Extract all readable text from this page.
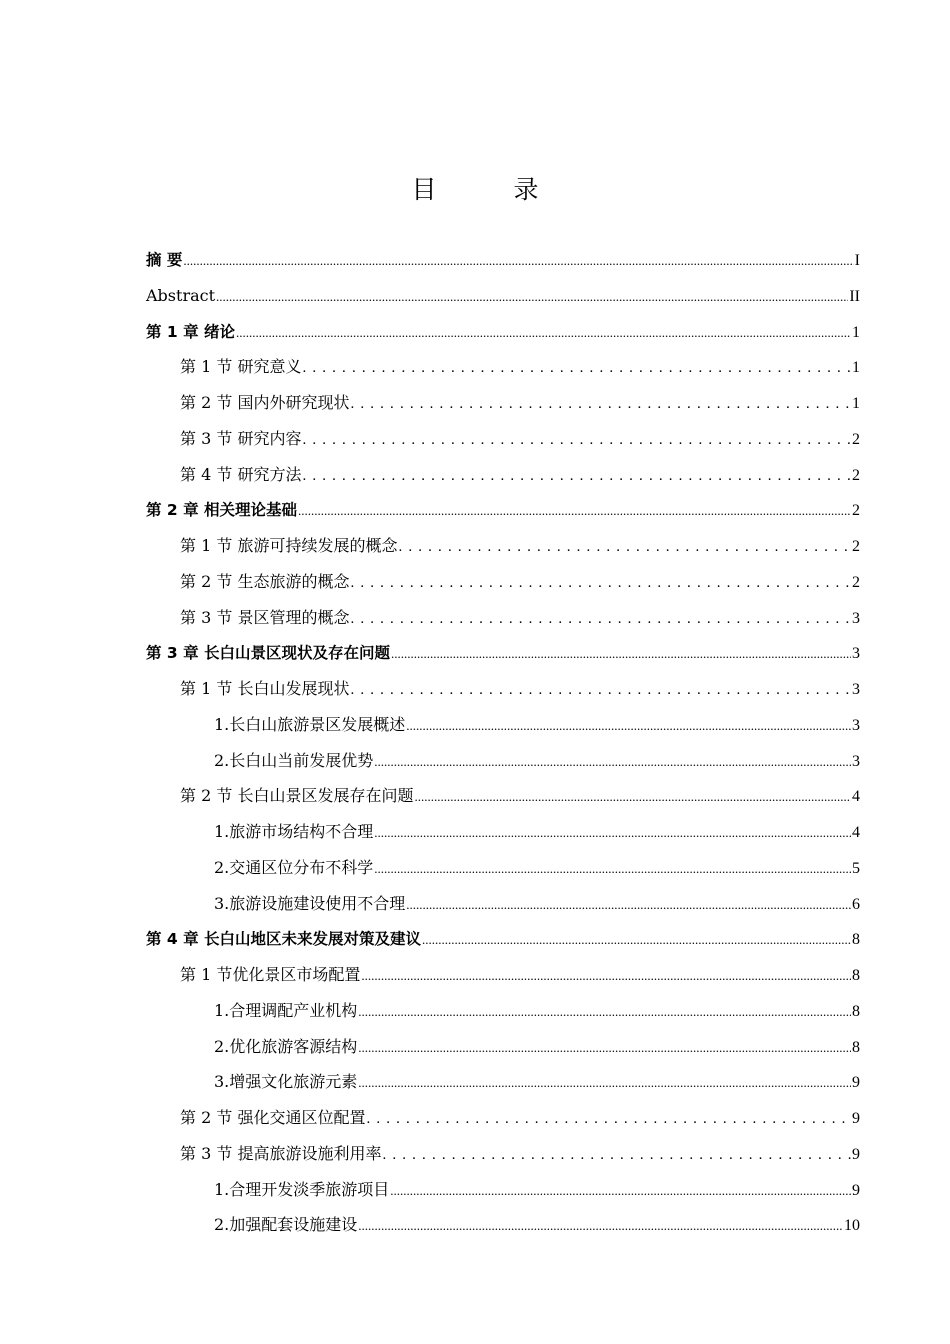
目　录
摘 要 .....	I
Abstract .....	II
第 1 章 绪论 .....	1
第 1 节 研究意义 . . .	1
第 2 节 国内外研究现状 . . .	1
第 3 节 研究内容 . . .	2
第 4 节 研究方法 . . .	2
第 2 章 相关理论基础 .....	2
第 1 节 旅游可持续发展的概念 . . .	2
第 2 节 生态旅游的概念 . . .	2
第 3 节 景区管理的概念 . . .	3
第 3 章 长白山景区现状及存在问题 .....	3
第 1 节 长白山发展现状 . . .	3
1.长白山旅游景区发展概述 .....	3
2.长白山当前发展优势 .....	3
第 2 节 长白山景区发展存在问题 .....	4
1.旅游市场结构不合理 .....	4
2.交通区位分布不科学 .....	5
3.旅游设施建设使用不合理 .....	6
第 4 章 长白山地区未来发展对策及建议 .....	8
第 1 节优化景区市场配置 .....	8
1.合理调配产业机构 .....	8
2.优化旅游客源结构 .....	8
3.增强文化旅游元素 .....	9
第 2 节 强化交通区位配置 . . .	9
第 3 节 提高旅游设施利用率 . . .	9
1.合理开发淡季旅游项目 .....	9
2.加强配套设施建设 .....	10
